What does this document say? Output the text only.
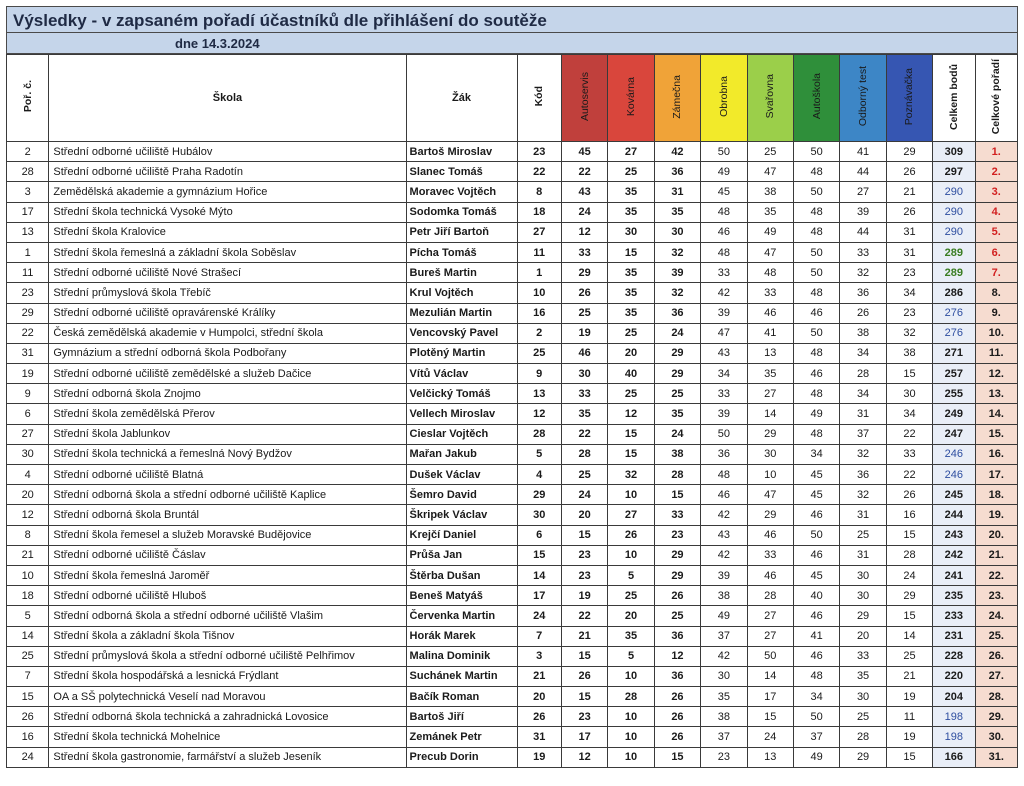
Výsledky - v zapsaném pořadí účastníků dle přihlášení do soutěže
dne 14.3.2024
Poř. č.	Škola	Žák	Kód	Autoservis	Kovárna	Zámečna	Obrobna	Svařovna	Autoškola	Odborný test	Poznávačka	Celkem bodů	Celkové pořadí
2	Střední odborné učiliště Hubálov	Bartoš Miroslav	23	45	27	42	50	25	50	41	29	309	1.
28	Střední odborné učiliště Praha Radotín	Slanec Tomáš	22	22	25	36	49	47	48	44	26	297	2.
3	Zemědělská akademie a gymnázium Hořice	Moravec Vojtěch	8	43	35	31	45	38	50	27	21	290	3.
17	Střední škola technická Vysoké Mýto	Sodomka Tomáš	18	24	35	35	48	35	48	39	26	290	4.
13	Střední škola Kralovice	Petr Jiří Bartoň	27	12	30	30	46	49	48	44	31	290	5.
1	Střední škola řemeslná a základní škola Soběslav	Pícha Tomáš	11	33	15	32	48	47	50	33	31	289	6.
11	Střední odborné učiliště Nové Strašecí	Bureš Martin	1	29	35	39	33	48	50	32	23	289	7.
23	Střední průmyslová škola Třebíč	Krul Vojtěch	10	26	35	32	42	33	48	36	34	286	8.
29	Střední odborné učiliště opravárenské Králíky	Mezulián Martin	16	25	35	36	39	46	46	26	23	276	9.
22	Česká zemědělská akademie v Humpolci, střední škola	Vencovský Pavel	2	19	25	24	47	41	50	38	32	276	10.
31	Gymnázium a střední odborná škola Podbořany	Plotěný Martin	25	46	20	29	43	13	48	34	38	271	11.
19	Střední odborné učiliště zemědělské a služeb Dačice	Vítů Václav	9	30	40	29	34	35	46	28	15	257	12.
9	Střední odborná škola Znojmo	Velčický Tomáš	13	33	25	25	33	27	48	34	30	255	13.
6	Střední škola zemědělská Přerov	Vellech Miroslav	12	35	12	35	39	14	49	31	34	249	14.
27	Střední škola Jablunkov	Cieslar Vojtěch	28	22	15	24	50	29	48	37	22	247	15.
30	Střední škola technická a řemeslná Nový Bydžov	Mařan Jakub	5	28	15	38	36	30	34	32	33	246	16.
4	Střední odborné učiliště Blatná	Dušek Václav	4	25	32	28	48	10	45	36	22	246	17.
20	Střední odborná škola a střední odborné učiliště Kaplice	Šemro David	29	24	10	15	46	47	45	32	26	245	18.
12	Střední odborná škola Bruntál	Škripek Václav	30	20	27	33	42	29	46	31	16	244	19.
8	Střední škola řemesel a služeb Moravské Budějovice	Krejčí Daniel	6	15	26	23	43	46	50	25	15	243	20.
21	Střední odborné učiliště Čáslav	Průša Jan	15	23	10	29	42	33	46	31	28	242	21.
10	Střední škola řemeslná Jaroměř	Štěrba Dušan	14	23	5	29	39	46	45	30	24	241	22.
18	Střední odborné učiliště Hluboš	Beneš Matyáš	17	19	25	26	38	28	40	30	29	235	23.
5	Střední odborná škola a střední odborné učiliště Vlašim	Červenka Martin	24	22	20	25	49	27	46	29	15	233	24.
14	Střední škola a základní škola Tišnov	Horák Marek	7	21	35	36	37	27	41	20	14	231	25.
25	Střední průmyslová škola a střední odborné učiliště Pelhřimov	Malina Dominik	3	15	5	12	42	50	46	33	25	228	26.
7	Střední škola hospodářská a lesnická Frýdlant	Suchánek Martin	21	26	10	36	30	14	48	35	21	220	27.
15	OA a SŠ polytechnická Veselí nad Moravou	Bačík Roman	20	15	28	26	35	17	34	30	19	204	28.
26	Střední odborná škola technická a zahradnická Lovosice	Bartoš Jiří	26	23	10	26	38	15	50	25	11	198	29.
16	Střední škola technická Mohelnice	Zemánek Petr	31	17	10	26	37	24	37	28	19	198	30.
24	Střední škola gastronomie, farmářství a služeb Jeseník	Precub Dorin	19	12	10	15	23	13	49	29	15	166	31.
